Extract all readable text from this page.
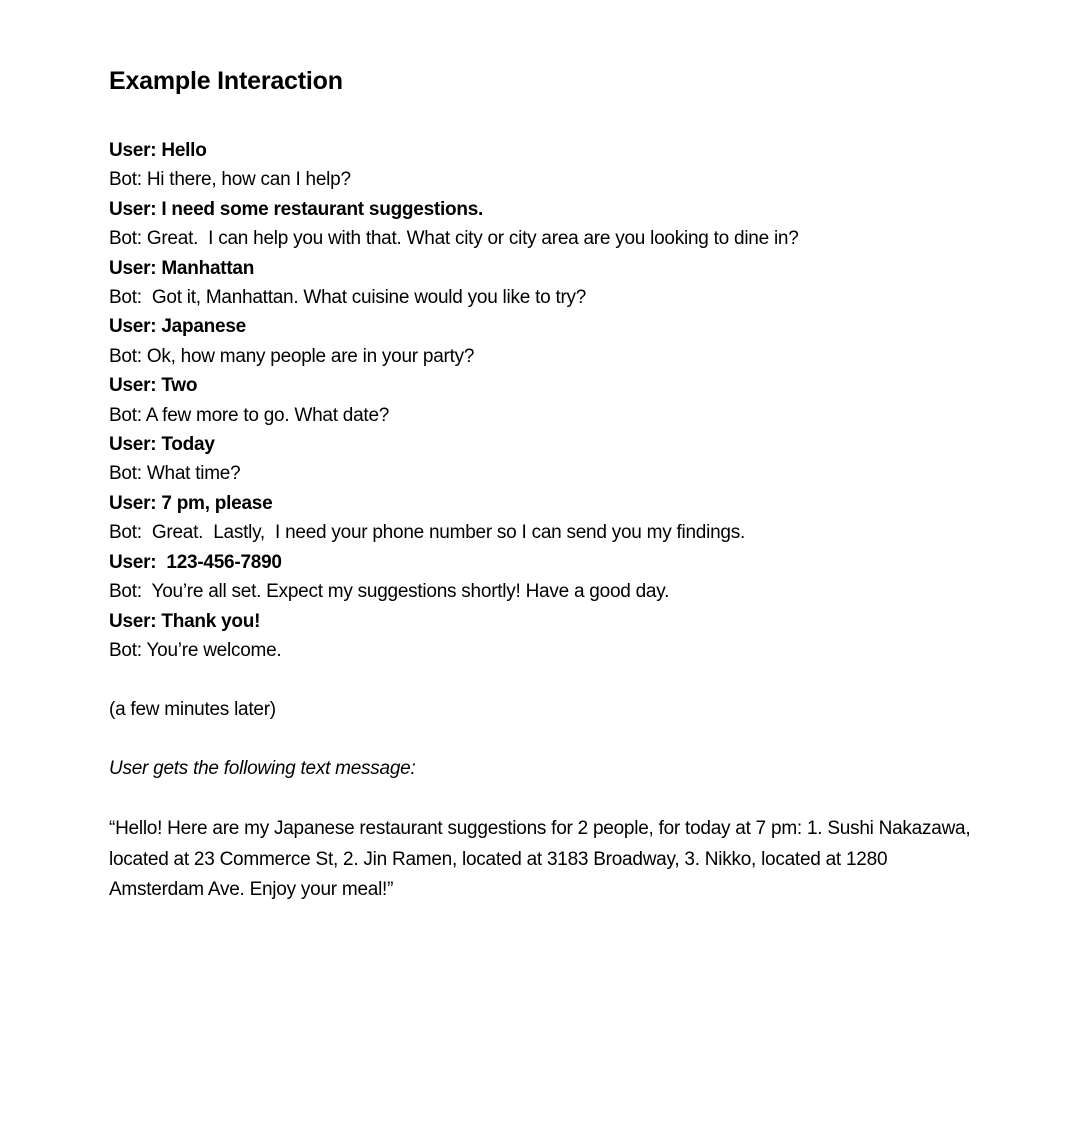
Example Interaction

User: Hello

Bot: Hi there, how can I help?

User: I need some restaurant suggestions.

Bot: Great.  I can help you with that. What city or city area are you looking to dine in?

User: Manhattan

Bot:  Got it, Manhattan. What cuisine would you like to try?

User: Japanese

Bot: Ok, how many people are in your party?

User: Two

Bot: A few more to go. What date?

User: Today

Bot: What time?

User: 7 pm, please

Bot:  Great.  Lastly,  I need your phone number so I can send you my findings.

User:  123-456-7890

Bot:  You’re all set. Expect my suggestions shortly! Have a good day.

User: Thank you!

Bot: You’re welcome.

(a few minutes later)

User gets the following text message:

“Hello! Here are my Japanese restaurant suggestions for 2 people, for today at 7 pm: 1. Sushi Nakazawa, located at 23 Commerce St, 2. Jin Ramen, located at 3183 Broadway, 3. Nikko, located at 1280 Amsterdam Ave. Enjoy your meal!”
